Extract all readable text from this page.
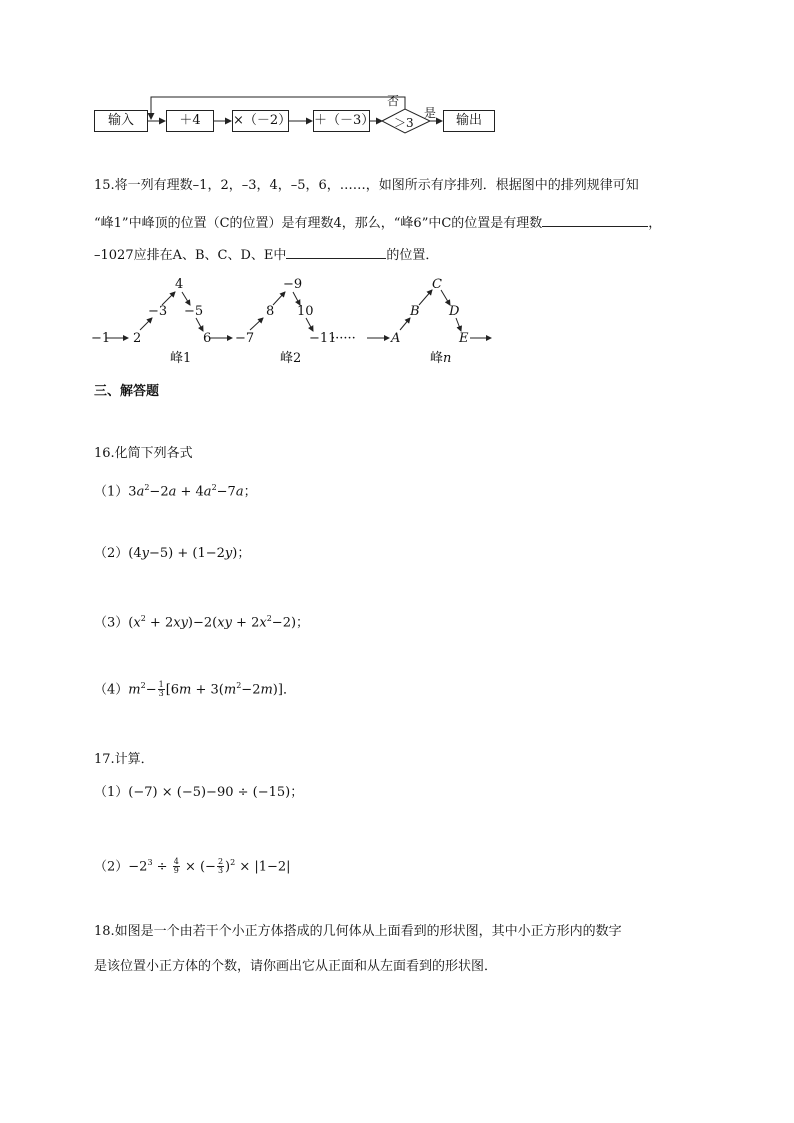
输入	＋4	×（－2） ＋（－3） ＞3
否
是	输出
15.将一列有理数–1，2，–3，4，–5，6，……，如图所示有序排列．根据图中的排列规律可知
“峰1”中峰顶的位置（C的位置）是有理数4，那么，“峰6”中C的位置是有理数	，
–1027应排在A、B、C、D、E中	的位置．
−1 2
−3
4
−5
6 −7
8
−9
10
−11
······	A
B
C
D
E
峰1	峰2	峰n
三、解答题
16.化简下列各式
$(1)3a^2-2a + 4a^2-7a$；
（2）(4y−5) + (1−2y)；
$(3)(x^2 + 2xy)-2(xy + 2x^2-2)$；
$(4)m^2- \frac{1}{3} [6m + 3(m^2-2m)]$．
17.计算．
（1）(−7) × (−5)−90 ÷ (−15)；
$(2)-2^3 \div \frac{4}{9}$ × (− $\frac{2}{3} )^2 \times |1-2|$
18.如图是一个由若干个小正方体搭成的几何体从上面看到的形状图，其中小正方形内的数字
是该位置小正方体的个数，请你画出它从正面和从左面看到的形状图．
